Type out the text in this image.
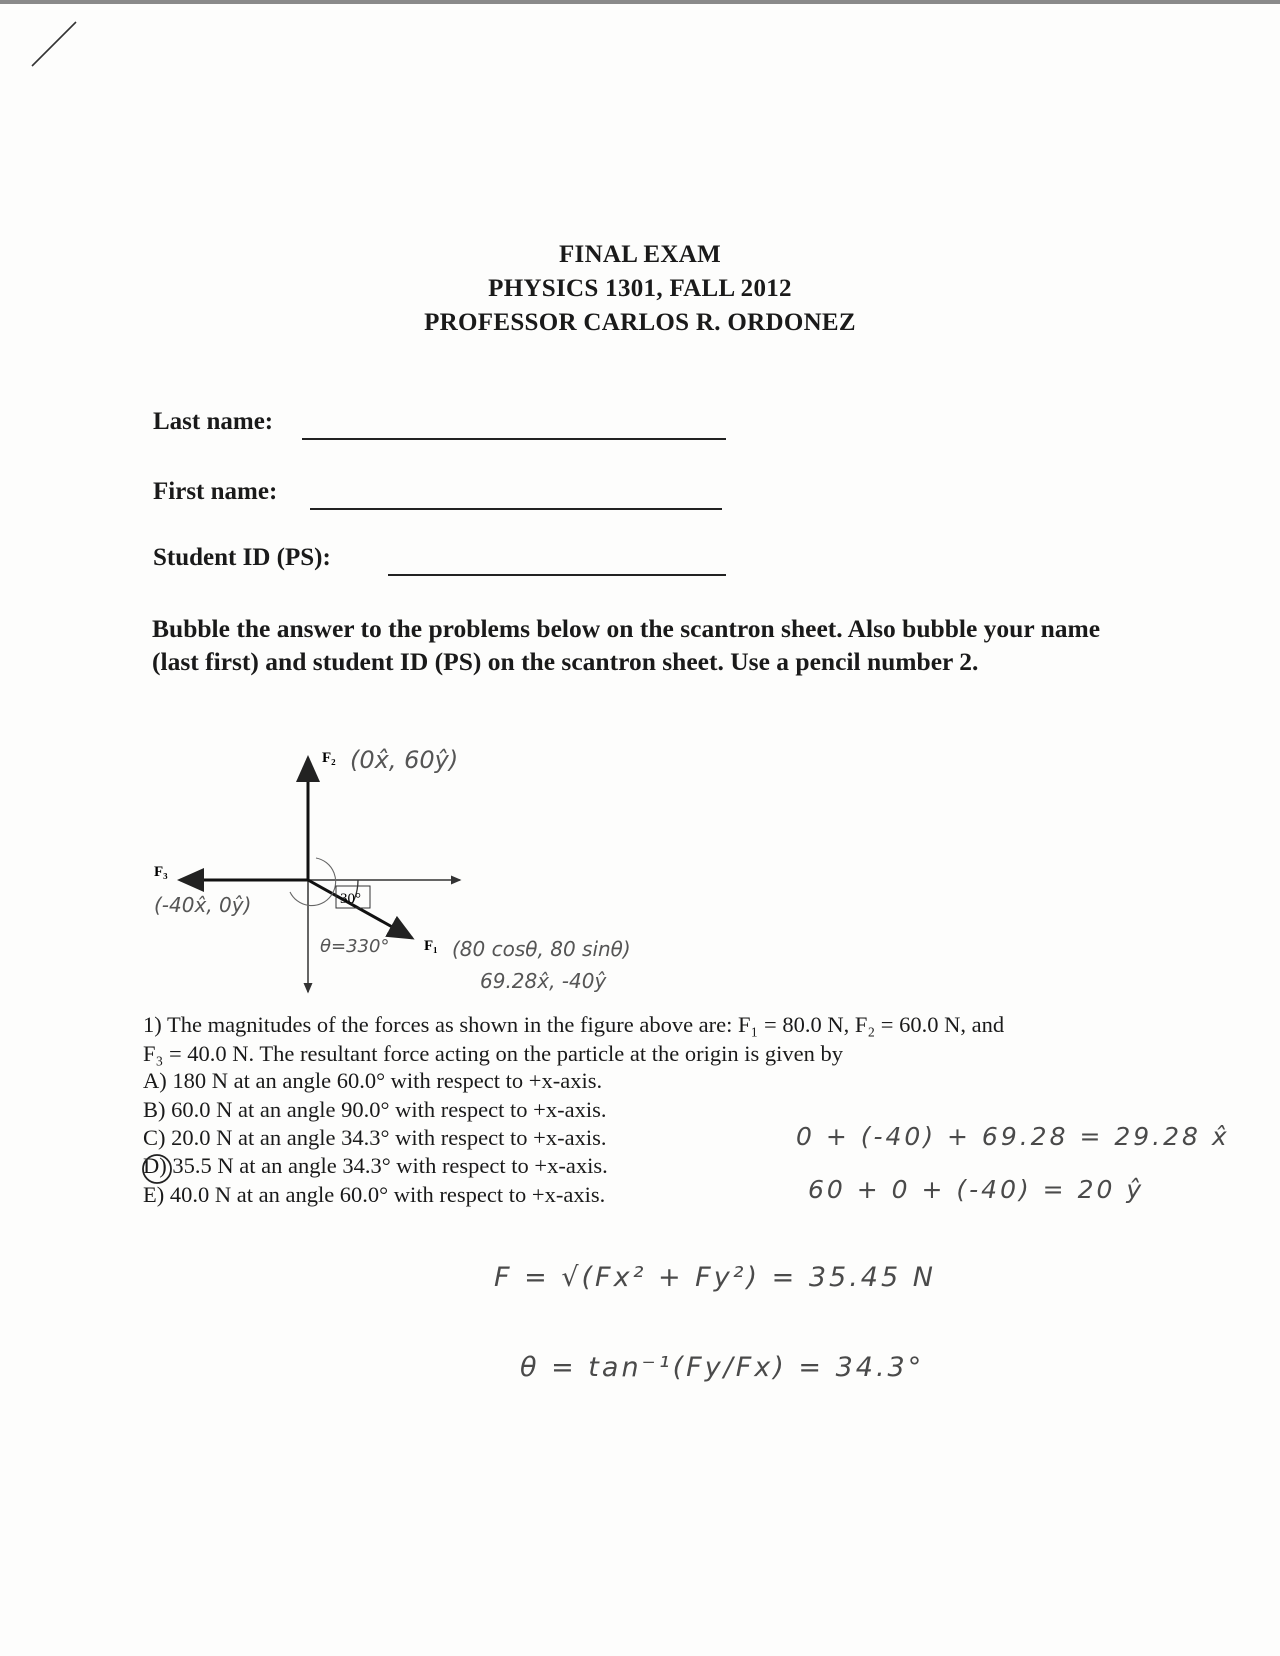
FINAL EXAM
PHYSICS 1301, FALL 2012
PROFESSOR CARLOS R. ORDONEZ
Last name:
First name:
Student ID (PS):
Bubble the answer to the problems below on the scantron sheet. Also bubble your name (last first) and student ID (PS) on the scantron sheet. Use a pencil number 2.
30°
F₂
F₃
F₁
(0x̂, 60ŷ)
(-40x̂, 0ŷ)
θ=330°	(80 cosθ, 80 sinθ)
69.28x̂, -40ŷ

1) The magnitudes of the forces as shown in the figure above are: F₁ = 80.0 N, F₂ = 60.0 N, and

F₃ = 40.0 N. The resultant force acting on the particle at the origin is given by

A) 180 N at an angle 60.0° with respect to +x-axis.
B) 60.0 N at an angle 90.0° with respect to +x-axis.
C) 20.0 N at an angle 34.3° with respect to +x-axis.
D) 35.5 N at an angle 34.3° with respect to +x-axis.
E) 40.0 N at an angle 60.0° with respect to +x-axis.
0 + (-40) + 69.28 = 29.28 x̂
60 + 0 + (-40) = 20 ŷ
F = √(Fx² + Fy²) = 35.45 N
θ = tan⁻¹(Fy/Fx) = 34.3°
